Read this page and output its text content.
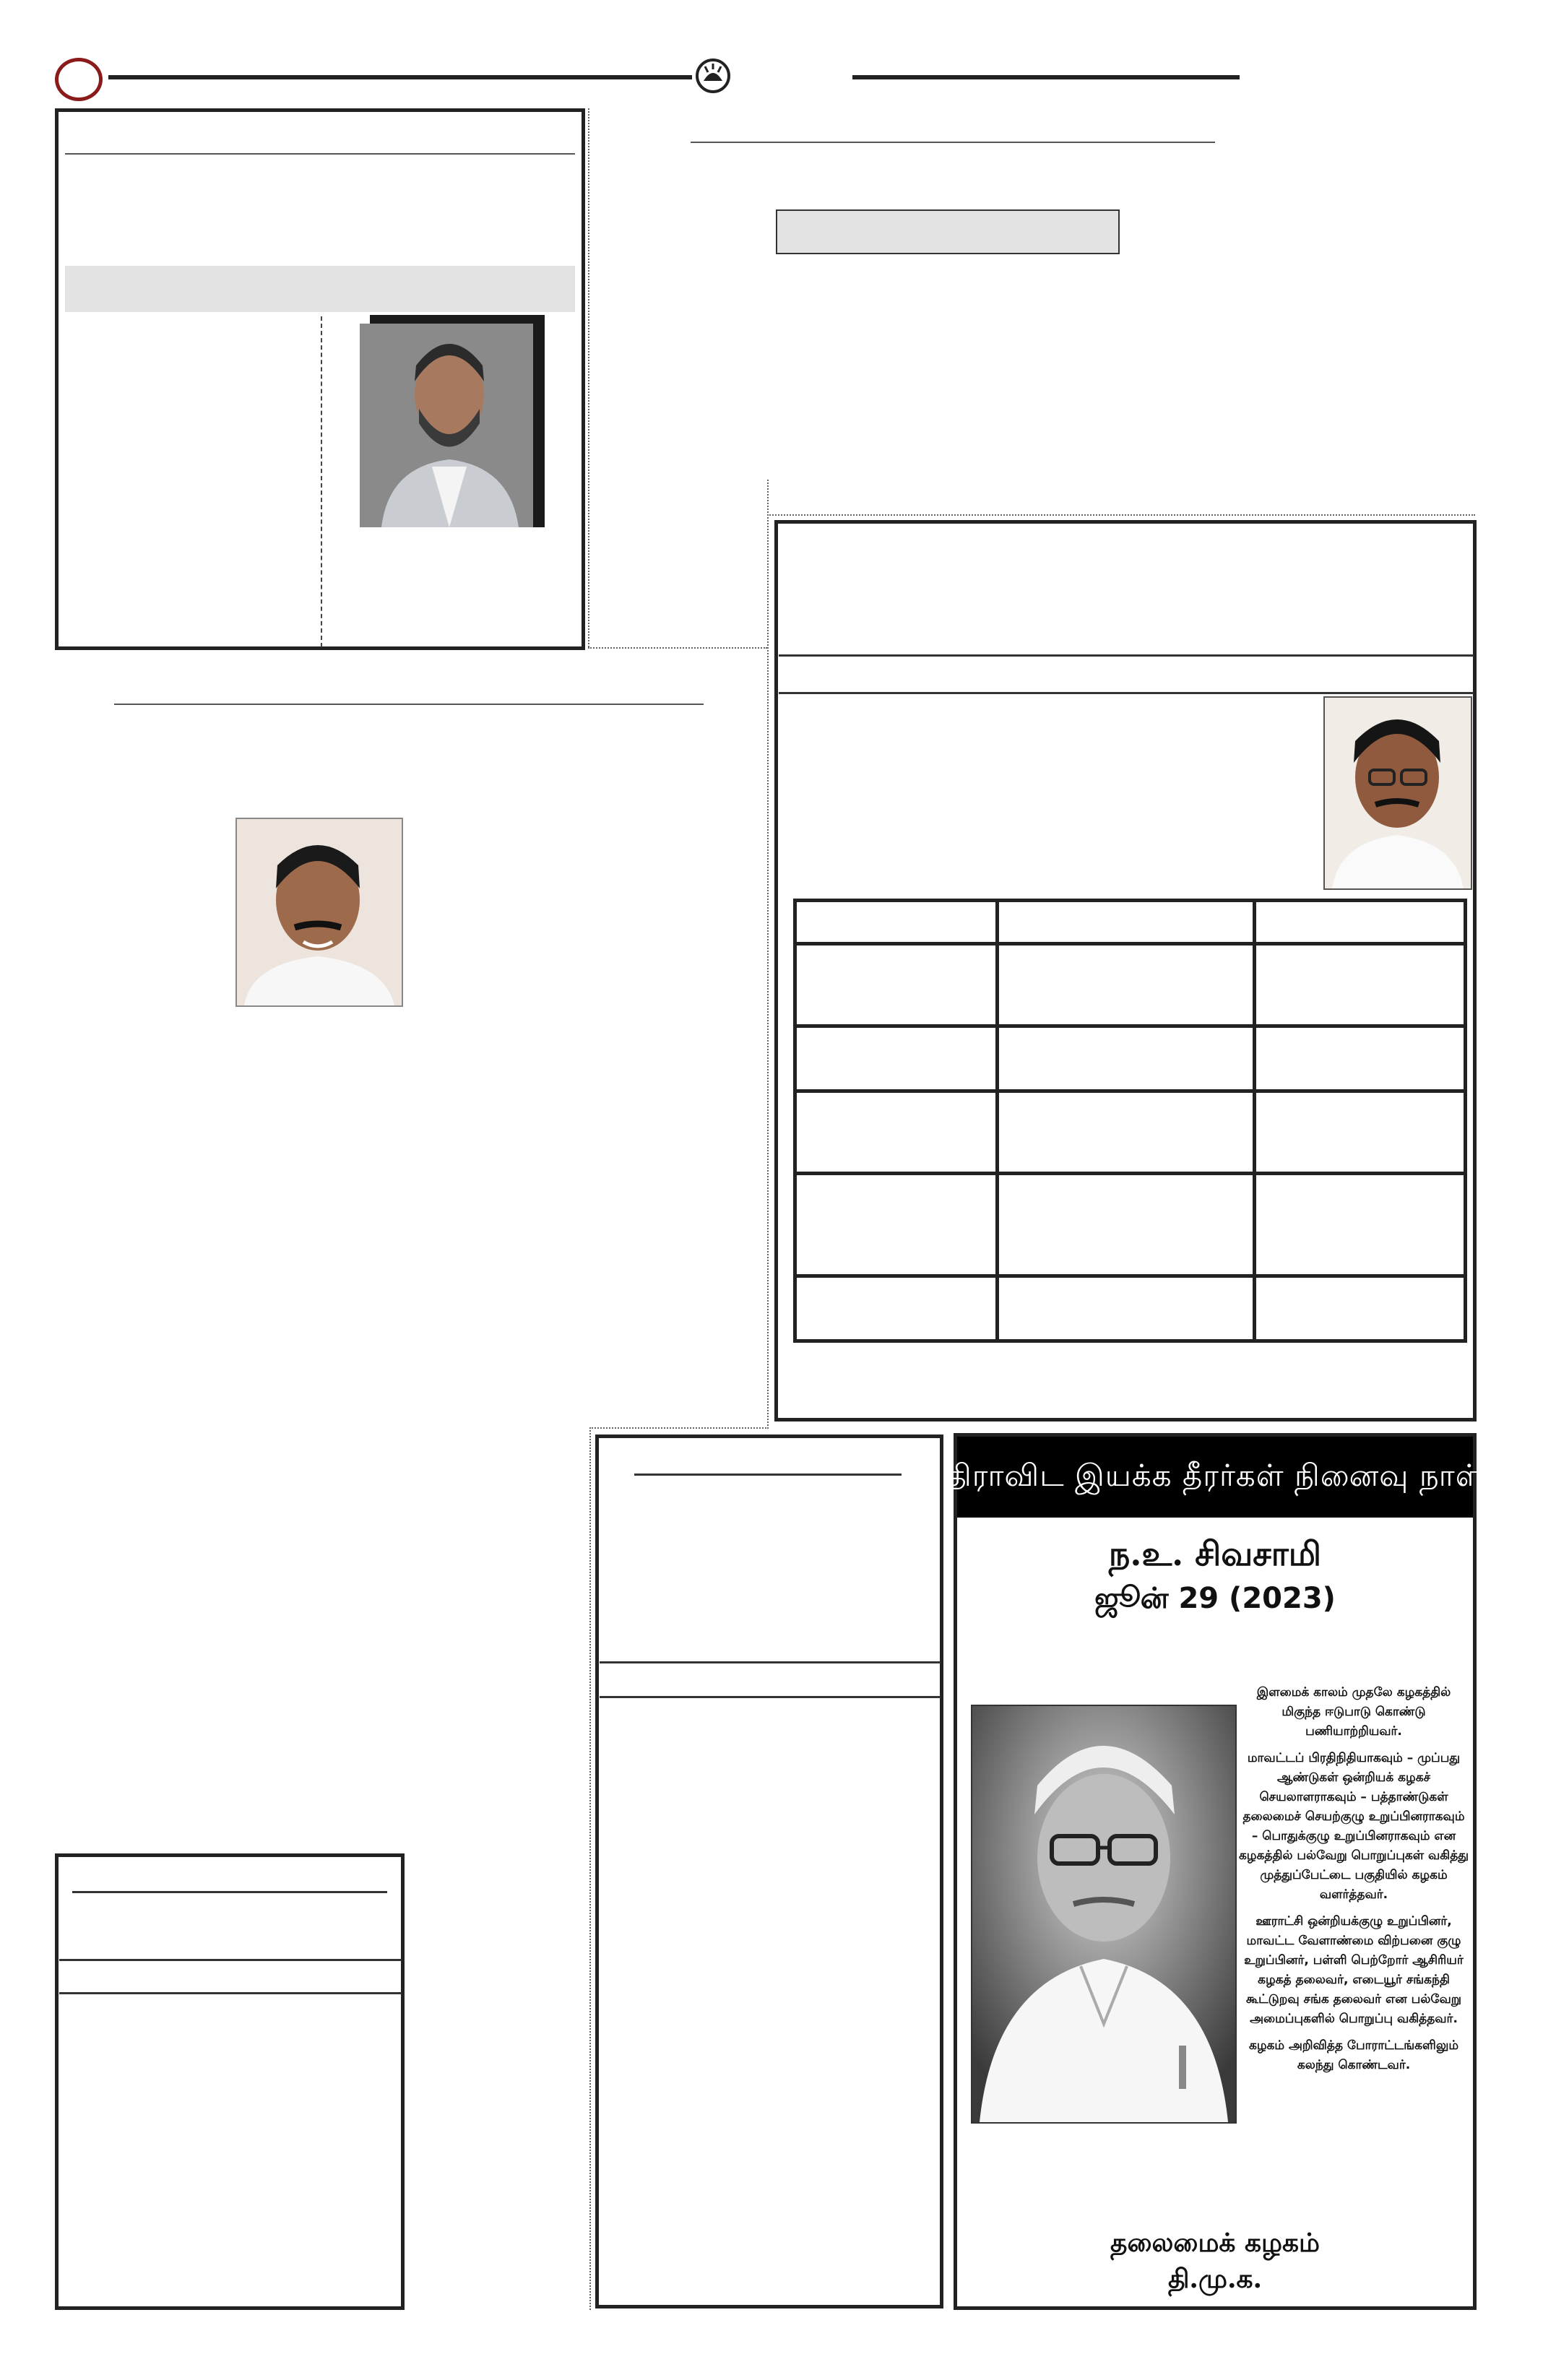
திராவிட இயக்க தீரர்கள் நினைவு நாள்
ந.உ. சிவசாமி
ஜூன் 29 (2023)

இளமைக் காலம் முதலே கழகத்தில் மிகுந்த ஈடுபாடு கொண்டு பணியாற்றியவர்.

மாவட்டப் பிரதிநிதியாகவும் – முப்பது ஆண்டுகள் ஒன்றியக் கழகச் செயலாளராகவும் – பத்தாண்டுகள் தலைமைச் செயற்குழு உறுப்பினராகவும் – பொதுக்குழு உறுப்பினராகவும் என கழகத்தில் பல்வேறு பொறுப்புகள் வகித்து முத்துப்பேட்டை பகுதியில் கழகம் வளர்த்தவர்.

ஊராட்சி ஒன்றியக்குழு உறுப்பினர், மாவட்ட வேளாண்மை விற்பனை குழு உறுப்பினர், பள்ளி பெற்றோர் ஆசிரியர் கழகத் தலைவர், எடையூர் சங்கந்தி கூட்டுறவு சங்க தலைவர் என பல்வேறு அமைப்புகளில் பொறுப்பு வகித்தவர்.

கழகம் அறிவித்த போராட்டங்களிலும் கலந்து கொண்டவர்.

தலைமைக் கழகம்
தி.மு.க.
